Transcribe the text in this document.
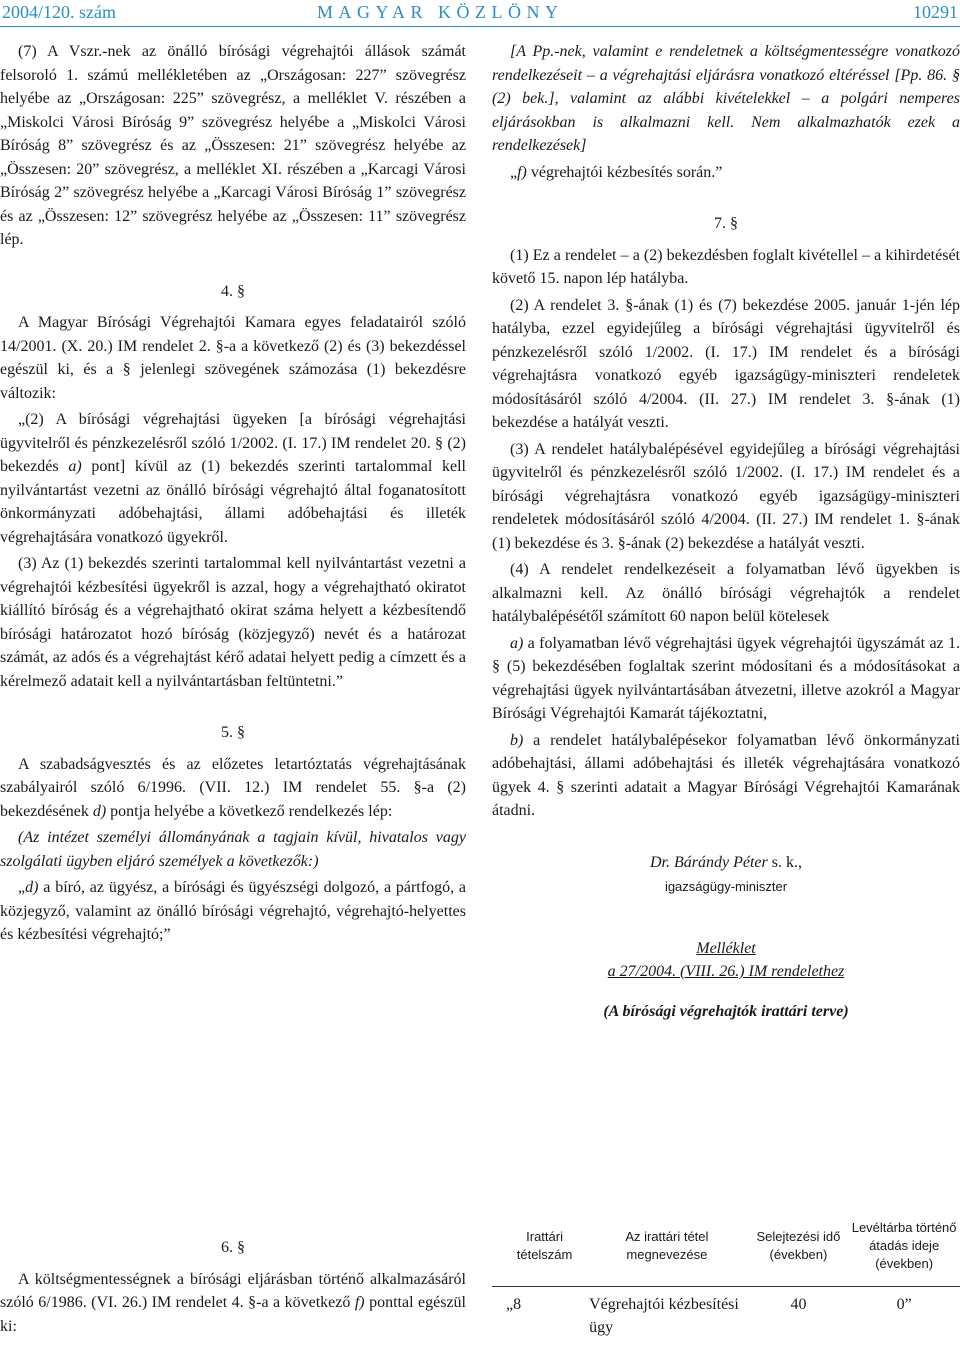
2004/120. szám	MAGYAR KÖZLÖNY	10291

(7) A Vszr.-nek az önálló bírósági végrehajtói állások számát felsoroló 1. számú mellékletében az „Országosan: 227” szövegrész helyébe az „Országosan: 225” szövegrész, a melléklet V. részében a „Miskolci Városi Bíróság 9” szövegrész helyébe a „Miskolci Városi Bíróság 8” szövegrész és az „Összesen: 21” szövegrész helyébe az „Összesen: 20” szövegrész, a melléklet XI. részében a „Karcagi Városi Bíróság 2” szövegrész helyébe a „Karcagi Városi Bíróság 1” szövegrész és az „Összesen: 12” szövegrész helyébe az „Összesen: 11” szövegrész lép.

4. §

A Magyar Bírósági Végrehajtói Kamara egyes feladatairól szóló 14/2001. (X. 20.) IM rendelet 2. §-a a következő (2) és (3) bekezdéssel egészül ki, és a § jelenlegi szövegének számozása (1) bekezdésre változik:

„(2) A bírósági végrehajtási ügyeken [a bírósági végrehajtási ügyvitelről és pénzkezelésről szóló 1/2002. (I. 17.) IM rendelet 20. § (2) bekezdés a) pont] kívül az (1) bekezdés szerinti tartalommal kell nyilvántartást vezetni az önálló bírósági végrehajtó által foganatosított önkormányzati adóbehajtási, állami adóbehajtási és illeték végrehajtására vonatkozó ügyekről.

(3) Az (1) bekezdés szerinti tartalommal kell nyilvántartást vezetni a végrehajtói kézbesítési ügyekről is azzal, hogy a végrehajtható okiratot kiállító bíróság és a végrehajtható okirat száma helyett a kézbesítendő bírósági határozatot hozó bíróság (közjegyző) nevét és a határozat számát, az adós és a végrehajtást kérő adatai helyett pedig a címzett és a kérelmező adatait kell a nyilvántartásban feltüntetni.”

5. §

A szabadságvesztés és az előzetes letartóztatás végrehajtásának szabályairól szóló 6/1996. (VII. 12.) IM rendelet 55. §-a (2) bekezdésének d) pontja helyébe a következő rendelkezés lép:

(Az intézet személyi állományának a tagjain kívül, hivatalos vagy szolgálati ügyben eljáró személyek a következők:)

„d) a bíró, az ügyész, a bírósági és ügyészségi dolgozó, a pártfogó, a közjegyző, valamint az önálló bírósági végrehajtó, végrehajtó-helyettes és kézbesítési végrehajtó;”

6. §

A költségmentességnek a bírósági eljárásban történő alkalmazásáról szóló 6/1986. (VI. 26.) IM rendelet 4. §-a a következő f) ponttal egészül ki:

[A Pp.-nek, valamint e rendeletnek a költségmentességre vonatkozó rendelkezéseit – a végrehajtási eljárásra vonatkozó eltéréssel [Pp. 86. § (2) bek.], valamint az alábbi kivételekkel – a polgári nemperes eljárásokban is alkalmazni kell. Nem alkalmazhatók ezek a rendelkezések]

„f) végrehajtói kézbesítés során.”

7. §

(1) Ez a rendelet – a (2) bekezdésben foglalt kivétellel – a kihirdetését követő 15. napon lép hatályba.

(2) A rendelet 3. §-ának (1) és (7) bekezdése 2005. január 1-jén lép hatályba, ezzel egyidejűleg a bírósági végrehajtási ügyvitelről és pénzkezelésről szóló 1/2002. (I. 17.) IM rendelet és a bírósági végrehajtásra vonatkozó egyéb igazságügy-miniszteri rendeletek módosításáról szóló 4/2004. (II. 27.) IM rendelet 3. §-ának (1) bekezdése a hatályát veszti.

(3) A rendelet hatálybalépésével egyidejűleg a bírósági végrehajtási ügyvitelről és pénzkezelésről szóló 1/2002. (I. 17.) IM rendelet és a bírósági végrehajtásra vonatkozó egyéb igazságügy-miniszteri rendeletek módosításáról szóló 4/2004. (II. 27.) IM rendelet 1. §-ának (1) bekezdése és 3. §-ának (2) bekezdése a hatályát veszti.

(4) A rendelet rendelkezéseit a folyamatban lévő ügyekben is alkalmazni kell. Az önálló bírósági végrehajtók a rendelet hatálybalépésétől számított 60 napon belül kötelesek

a) a folyamatban lévő végrehajtási ügyek végrehajtói ügyszámát az 1. § (5) bekezdésében foglaltak szerint módosítani és a módosításokat a végrehajtási ügyek nyilvántartásában átvezetni, illetve azokról a Magyar Bírósági Végrehajtói Kamarát tájékoztatni,

b) a rendelet hatálybalépésekor folyamatban lévő önkormányzati adóbehajtási, állami adóbehajtási és illeték végrehajtására vonatkozó ügyek 4. § szerinti adatait a Magyar Bírósági Végrehajtói Kamarának átadni.

Dr. Bárándy Péter s. k.,

igazságügy-miniszter

Melléklet

a 27/2004. (VIII. 26.) IM rendelethez

(A bírósági végrehajtók irattári terve)

Irattári tételszám	Az irattári tétel megnevezése	Selejtezési idő (években)	Levéltárba történő átadás ideje (években)
„8	Végrehajtói kézbesítési ügy	40	0”
